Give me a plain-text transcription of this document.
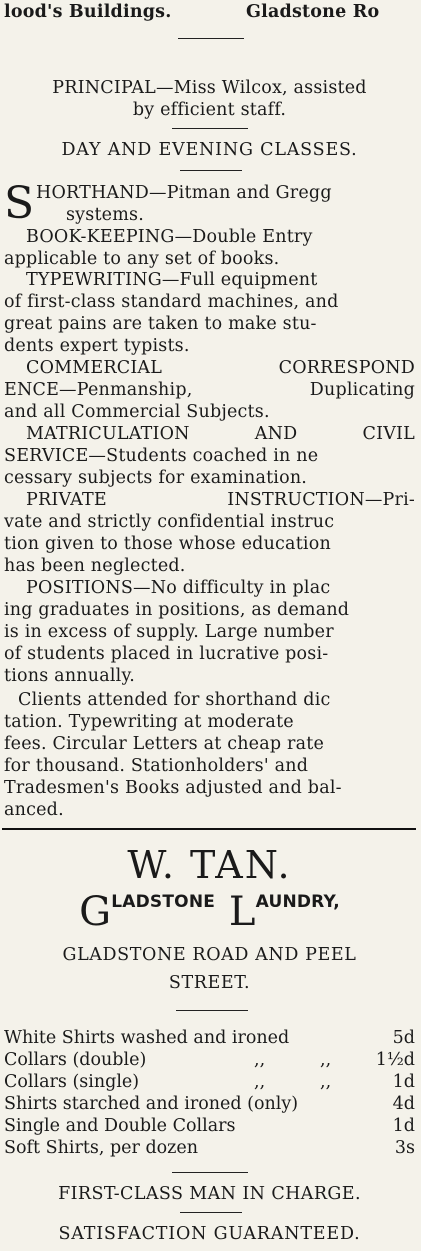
lood's Buildings.	Gladstone Ro
PRINCIPAL—Miss Wilcox, assisted
by efficient staff.
DAY AND EVENING CLASSES.
S HORTHAND—Pitman and Gregg
systems.
BOOK-KEEPING—Double Entry
applicable to any set of books.
TYPEWRITING—Full equipment
of first-class standard machines, and
great pains are taken to make stu-
dents expert typists.
COMMERCIAL	CORRESPOND
ENCE—Penmanship,	Duplicating
and all Commercial Subjects.
MATRICULATION	AND	CIVIL
SERVICE—Students coached in ne
cessary subjects for examination.
PRIVATE	INSTRUCTION—Pri-
vate and strictly confidential instruc
tion given to those whose education
has been neglected.
POSITIONS—No difficulty in plac
ing graduates in positions, as demand
is in excess of supply. Large number
of students placed in lucrative posi-
tions annually.
Clients attended for shorthand dic
tation. Typewriting at moderate
fees. Circular Letters at cheap rate
for thousand. Stationholders' and
Tradesmen's Books adjusted and bal-
anced.
W. TAN.
GLADSTONE LAUNDRY,
GLADSTONE ROAD AND PEEL
STREET.
White Shirts washed and ironed	5d
Collars (double)	,,	,,	1½d
Collars (single)	,,	,,	1d
Shirts starched and ironed (only)	4d
Single and Double Collars	1d
Soft Shirts, per dozen	3s
FIRST-CLASS MAN IN CHARGE.
SATISFACTION GUARANTEED.
